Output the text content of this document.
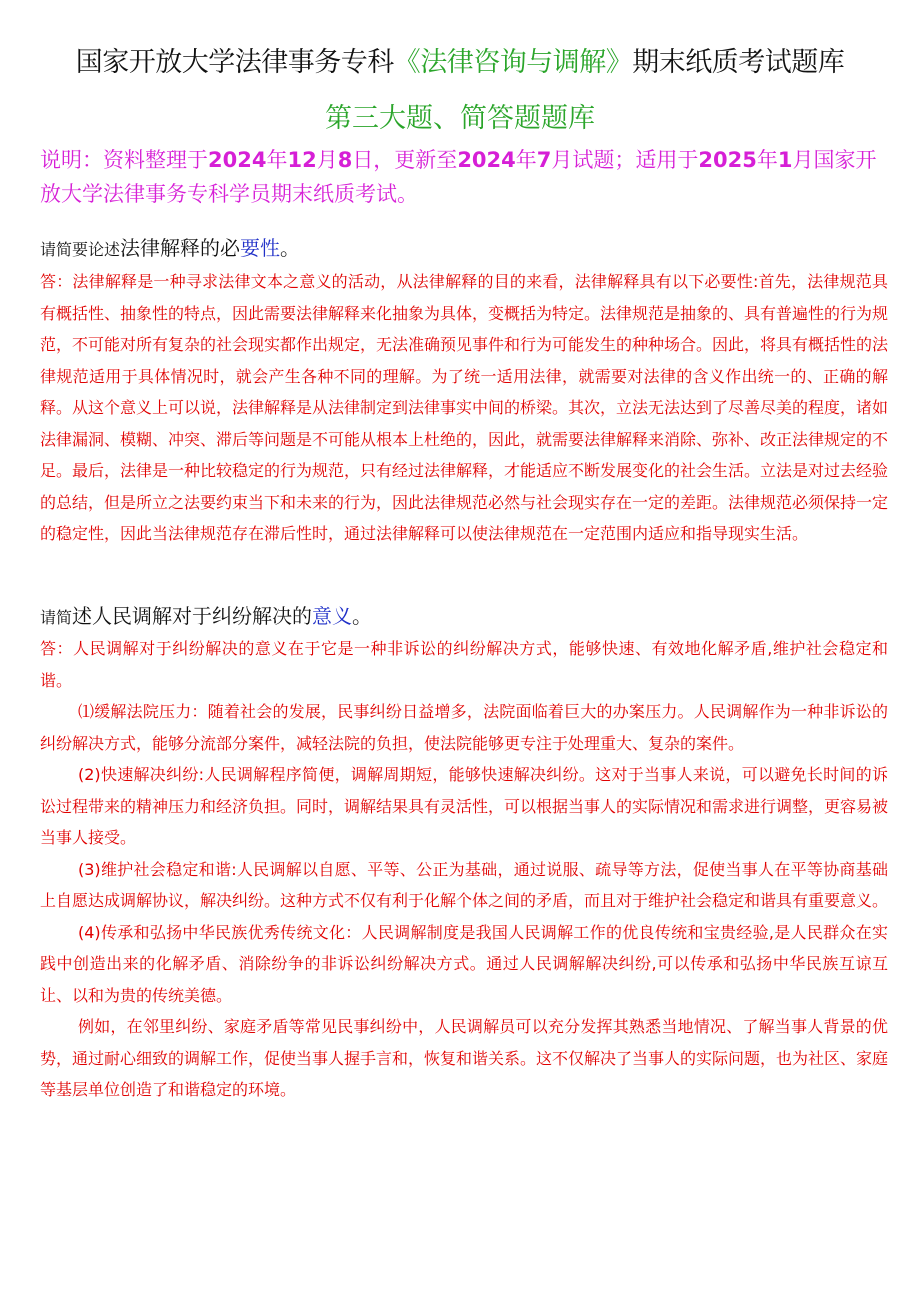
国家开放大学法律事务专科《法律咨询与调解》期末纸质考试题库
第三大题、简答题题库
说明：资料整理于2024年12月8日，更新至2024年7月试题；适用于2025年1月国家开放大学法律事务专科学员期末纸质考试。
请简要论述法律解释的必要性。

答：法律解释是一种寻求法律文本之意义的活动，从法律解释的目的来看，法律解释具有以下必要性:首先，法律规范具有概括性、抽象性的特点，因此需要法律解释来化抽象为具体，变概括为特定。法律规范是抽象的、具有普遍性的行为规范，不可能对所有复杂的社会现实都作出规定，无法准确预见事件和行为可能发生的种种场合。因此，将具有概括性的法律规范适用于具体情况时，就会产生各种不同的理解。为了统一适用法律，就需要对法律的含义作出统一的、正确的解释。从这个意义上可以说，法律解释是从法律制定到法律事实中间的桥梁。其次，立法无法达到了尽善尽美的程度，诸如法律漏洞、模糊、冲突、滞后等问题是不可能从根本上杜绝的，因此，就需要法律解释来消除、弥补、改正法律规定的不足。最后，法律是一种比较稳定的行为规范，只有经过法律解释，才能适应不断发展变化的社会生活。立法是对过去经验的总结，但是所立之法要约束当下和未来的行为，因此法律规范必然与社会现实存在一定的差距。法律规范必须保持一定的稳定性，因此当法律规范存在滞后性时，通过法律解释可以使法律规范在一定范围内适应和指导现实生活。

请简述人民调解对于纠纷解决的意义。

答：人民调解对于纠纷解决的意义在于它是一种非诉讼的纠纷解决方式，能够快速、有效地化解矛盾,维护社会稳定和谐。

⑴缓解法院压力：随着社会的发展，民事纠纷日益增多，法院面临着巨大的办案压力。人民调解作为一种非诉讼的纠纷解决方式，能够分流部分案件，减轻法院的负担，使法院能够更专注于处理重大、复杂的案件。

(2)快速解决纠纷:人民调解程序简便，调解周期短，能够快速解决纠纷。这对于当事人来说，可以避免长时间的诉讼过程带来的精神压力和经济负担。同时，调解结果具有灵活性，可以根据当事人的实际情况和需求进行调整，更容易被当事人接受。

(3)维护社会稳定和谐:人民调解以自愿、平等、公正为基础，通过说服、疏导等方法，促使当事人在平等协商基础上自愿达成调解协议，解决纠纷。这种方式不仅有利于化解个体之间的矛盾，而且对于维护社会稳定和谐具有重要意义。

(4)传承和弘扬中华民族优秀传统文化：人民调解制度是我国人民调解工作的优良传统和宝贵经验,是人民群众在实践中创造出来的化解矛盾、消除纷争的非诉讼纠纷解决方式。通过人民调解解决纠纷,可以传承和弘扬中华民族互谅互让、以和为贵的传统美德。

例如，在邻里纠纷、家庭矛盾等常见民事纠纷中，人民调解员可以充分发挥其熟悉当地情况、了解当事人背景的优势，通过耐心细致的调解工作，促使当事人握手言和，恢复和谐关系。这不仅解决了当事人的实际问题，也为社区、家庭等基层单位创造了和谐稳定的环境。
